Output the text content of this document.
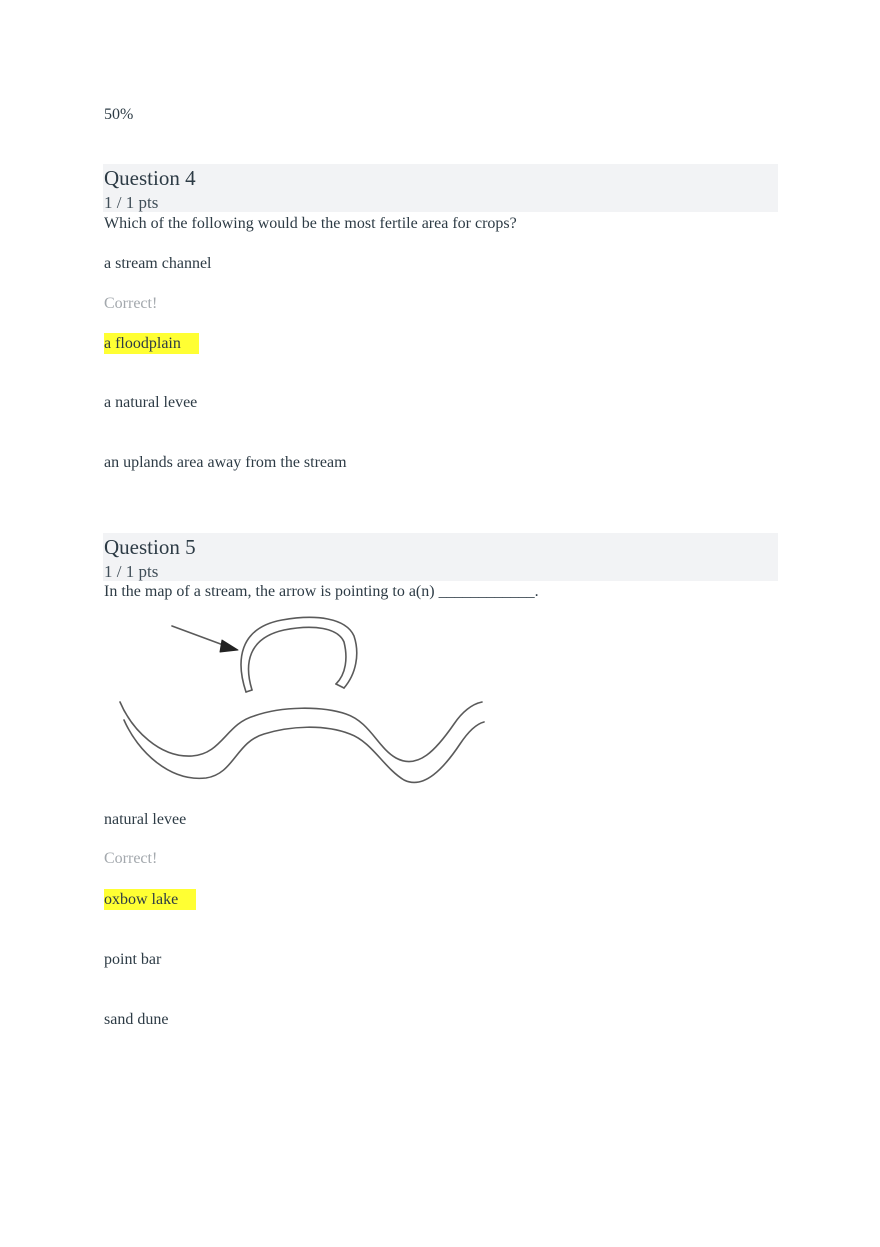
50%
Question 4
1 / 1 pts
Which of the following would be the most fertile area for crops?
a stream channel
Correct!
a floodplain
a natural levee
an uplands area away from the stream
Question 5
1 / 1 pts
In the map of a stream, the arrow is pointing to a(n) ____________.
natural levee
Correct!
oxbow lake
point bar
sand dune
